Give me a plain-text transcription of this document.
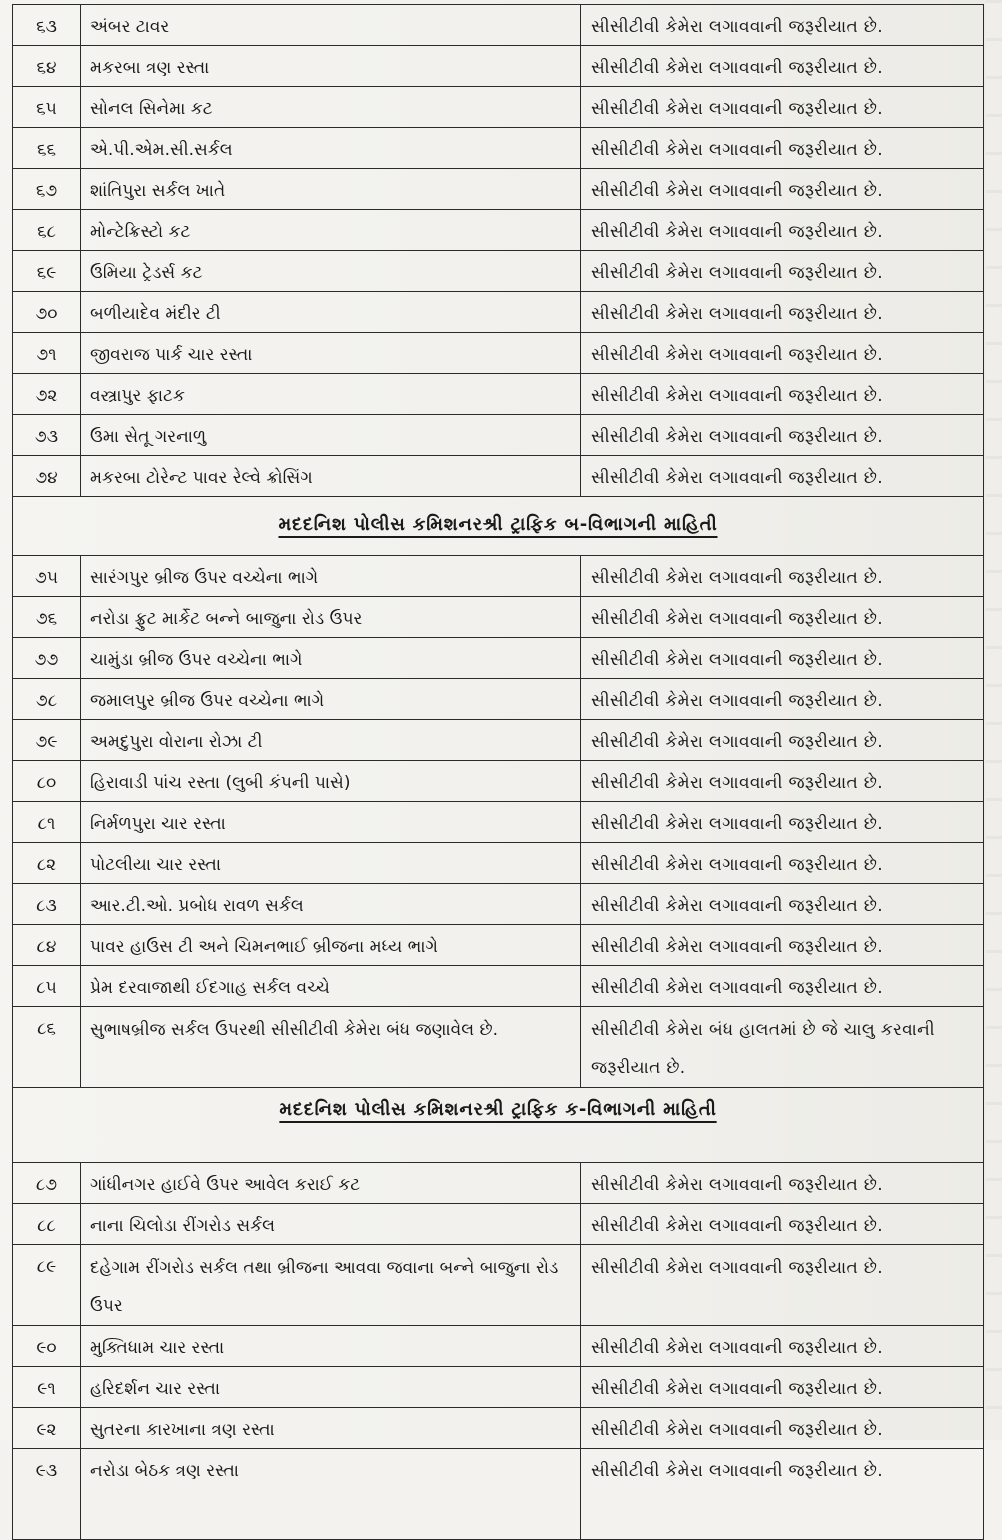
૬૩	અંબર ટાવર	સીસીટીવી કેમેરા લગાવવાની જરૂરીયાત છે.
૬૪	મકરબા ત્રણ રસ્તા	સીસીટીવી કેમેરા લગાવવાની જરૂરીયાત છે.
૬૫	સોનલ સિનેમા કટ	સીસીટીવી કેમેરા લગાવવાની જરૂરીયાત છે.
૬૬	એ.પી.એમ.સી.સર્કલ	સીસીટીવી કેમેરા લગાવવાની જરૂરીયાત છે.
૬૭	શાંતિપુરા સર્કલ ખાતે	સીસીટીવી કેમેરા લગાવવાની જરૂરીયાત છે.
૬૮	મોન્ટેક્રિસ્ટો કટ	સીસીટીવી કેમેરા લગાવવાની જરૂરીયાત છે.
૬૯	ઉમિયા ટ્રેડર્સ કટ	સીસીટીવી કેમેરા લગાવવાની જરૂરીયાત છે.
૭૦	બળીયાદેવ મંદીર ટી	સીસીટીવી કેમેરા લગાવવાની જરૂરીયાત છે.
૭૧	જીવરાજ પાર્ક ચાર રસ્તા	સીસીટીવી કેમેરા લગાવવાની જરૂરીયાત છે.
૭૨	વસ્ત્રાપુર ફાટક	સીસીટીવી કેમેરા લગાવવાની જરૂરીયાત છે.
૭૩	ઉમા સેતૂ ગરનાળુ	સીસીટીવી કેમેરા લગાવવાની જરૂરીયાત છે.
૭૪	મકરબા ટોરેન્ટ પાવર રેલ્વે ક્રોસિંગ	સીસીટીવી કેમેરા લગાવવાની જરૂરીયાત છે.
મદદનિશ પોલીસ કમિશનરશ્રી ટ્રાફિક બ-વિભાગની માહિતી		
૭૫	સારંગપુર બ્રીજ ઉપર વચ્ચેના ભાગે	સીસીટીવી કેમેરા લગાવવાની જરૂરીયાત છે.
૭૬	નરોડા ફ્રુટ માર્કેટ બન્ને બાજુના રોડ ઉપર	સીસીટીવી કેમેરા લગાવવાની જરૂરીયાત છે.
૭૭	ચામુંડા બ્રીજ ઉપર વચ્ચેના ભાગે	સીસીટીવી કેમેરા લગાવવાની જરૂરીયાત છે.
૭૮	જમાલપુર બ્રીજ ઉપર વચ્ચેના ભાગે	સીસીટીવી કેમેરા લગાવવાની જરૂરીયાત છે.
૭૯	અમદુપુરા વોરાના રોઝા ટી	સીસીટીવી કેમેરા લગાવવાની જરૂરીયાત છે.
૮૦	હિરાવાડી પાંચ રસ્તા (લુબી કંપની પાસે)	સીસીટીવી કેમેરા લગાવવાની જરૂરીયાત છે.
૮૧	નિર્મળપુરા ચાર રસ્તા	સીસીટીવી કેમેરા લગાવવાની જરૂરીયાત છે.
૮૨	પોટલીયા ચાર રસ્તા	સીસીટીવી કેમેરા લગાવવાની જરૂરીયાત છે.
૮૩	આર.ટી.ઓ. પ્રબોધ રાવળ સર્કલ	સીસીટીવી કેમેરા લગાવવાની જરૂરીયાત છે.
૮૪	પાવર હાઉસ ટી અને ચિમનભાઈ બ્રીજના મધ્ય ભાગે	સીસીટીવી કેમેરા લગાવવાની જરૂરીયાત છે.
૮૫	પ્રેમ દરવાજાથી ઈદગાહ સર્કલ વચ્ચે	સીસીટીવી કેમેરા લગાવવાની જરૂરીયાત છે.
૮૬	સુભાષબ્રીજ સર્કલ ઉપરથી સીસીટીવી કેમેરા બંધ જણાવેલ છે.	સીસીટીવી કેમેરા બંધ હાલતમાં છે જે ચાલુ કરવાની જરૂરીયાત છે.
મદદનિશ પોલીસ કમિશનરશ્રી ટ્રાફિક ક-વિભાગની માહિતી		
૮૭	ગાંધીનગર હાઈવે ઉપર આવેલ કરાઈ કટ	સીસીટીવી કેમેરા લગાવવાની જરૂરીયાત છે.
૮૮	નાના ચિલોડા રીંગરોડ સર્કલ	સીસીટીવી કેમેરા લગાવવાની જરૂરીયાત છે.
૮૯	દહેગામ રીંગરોડ સર્કલ તથા બ્રીજના આવવા જવાના બન્ને બાજુના રોડ ઉપર	સીસીટીવી કેમેરા લગાવવાની જરૂરીયાત છે.
૯૦	મુક્તિધામ ચાર રસ્તા	સીસીટીવી કેમેરા લગાવવાની જરૂરીયાત છે.
૯૧	હરિદર્શન ચાર રસ્તા	સીસીટીવી કેમેરા લગાવવાની જરૂરીયાત છે.
૯૨	સુતરના કારખાના ત્રણ રસ્તા	સીસીટીવી કેમેરા લગાવવાની જરૂરીયાત છે.
૯૩	નરોડા બેઠક ત્રણ રસ્તા	સીસીટીવી કેમેરા લગાવવાની જરૂરીયાત છે.
